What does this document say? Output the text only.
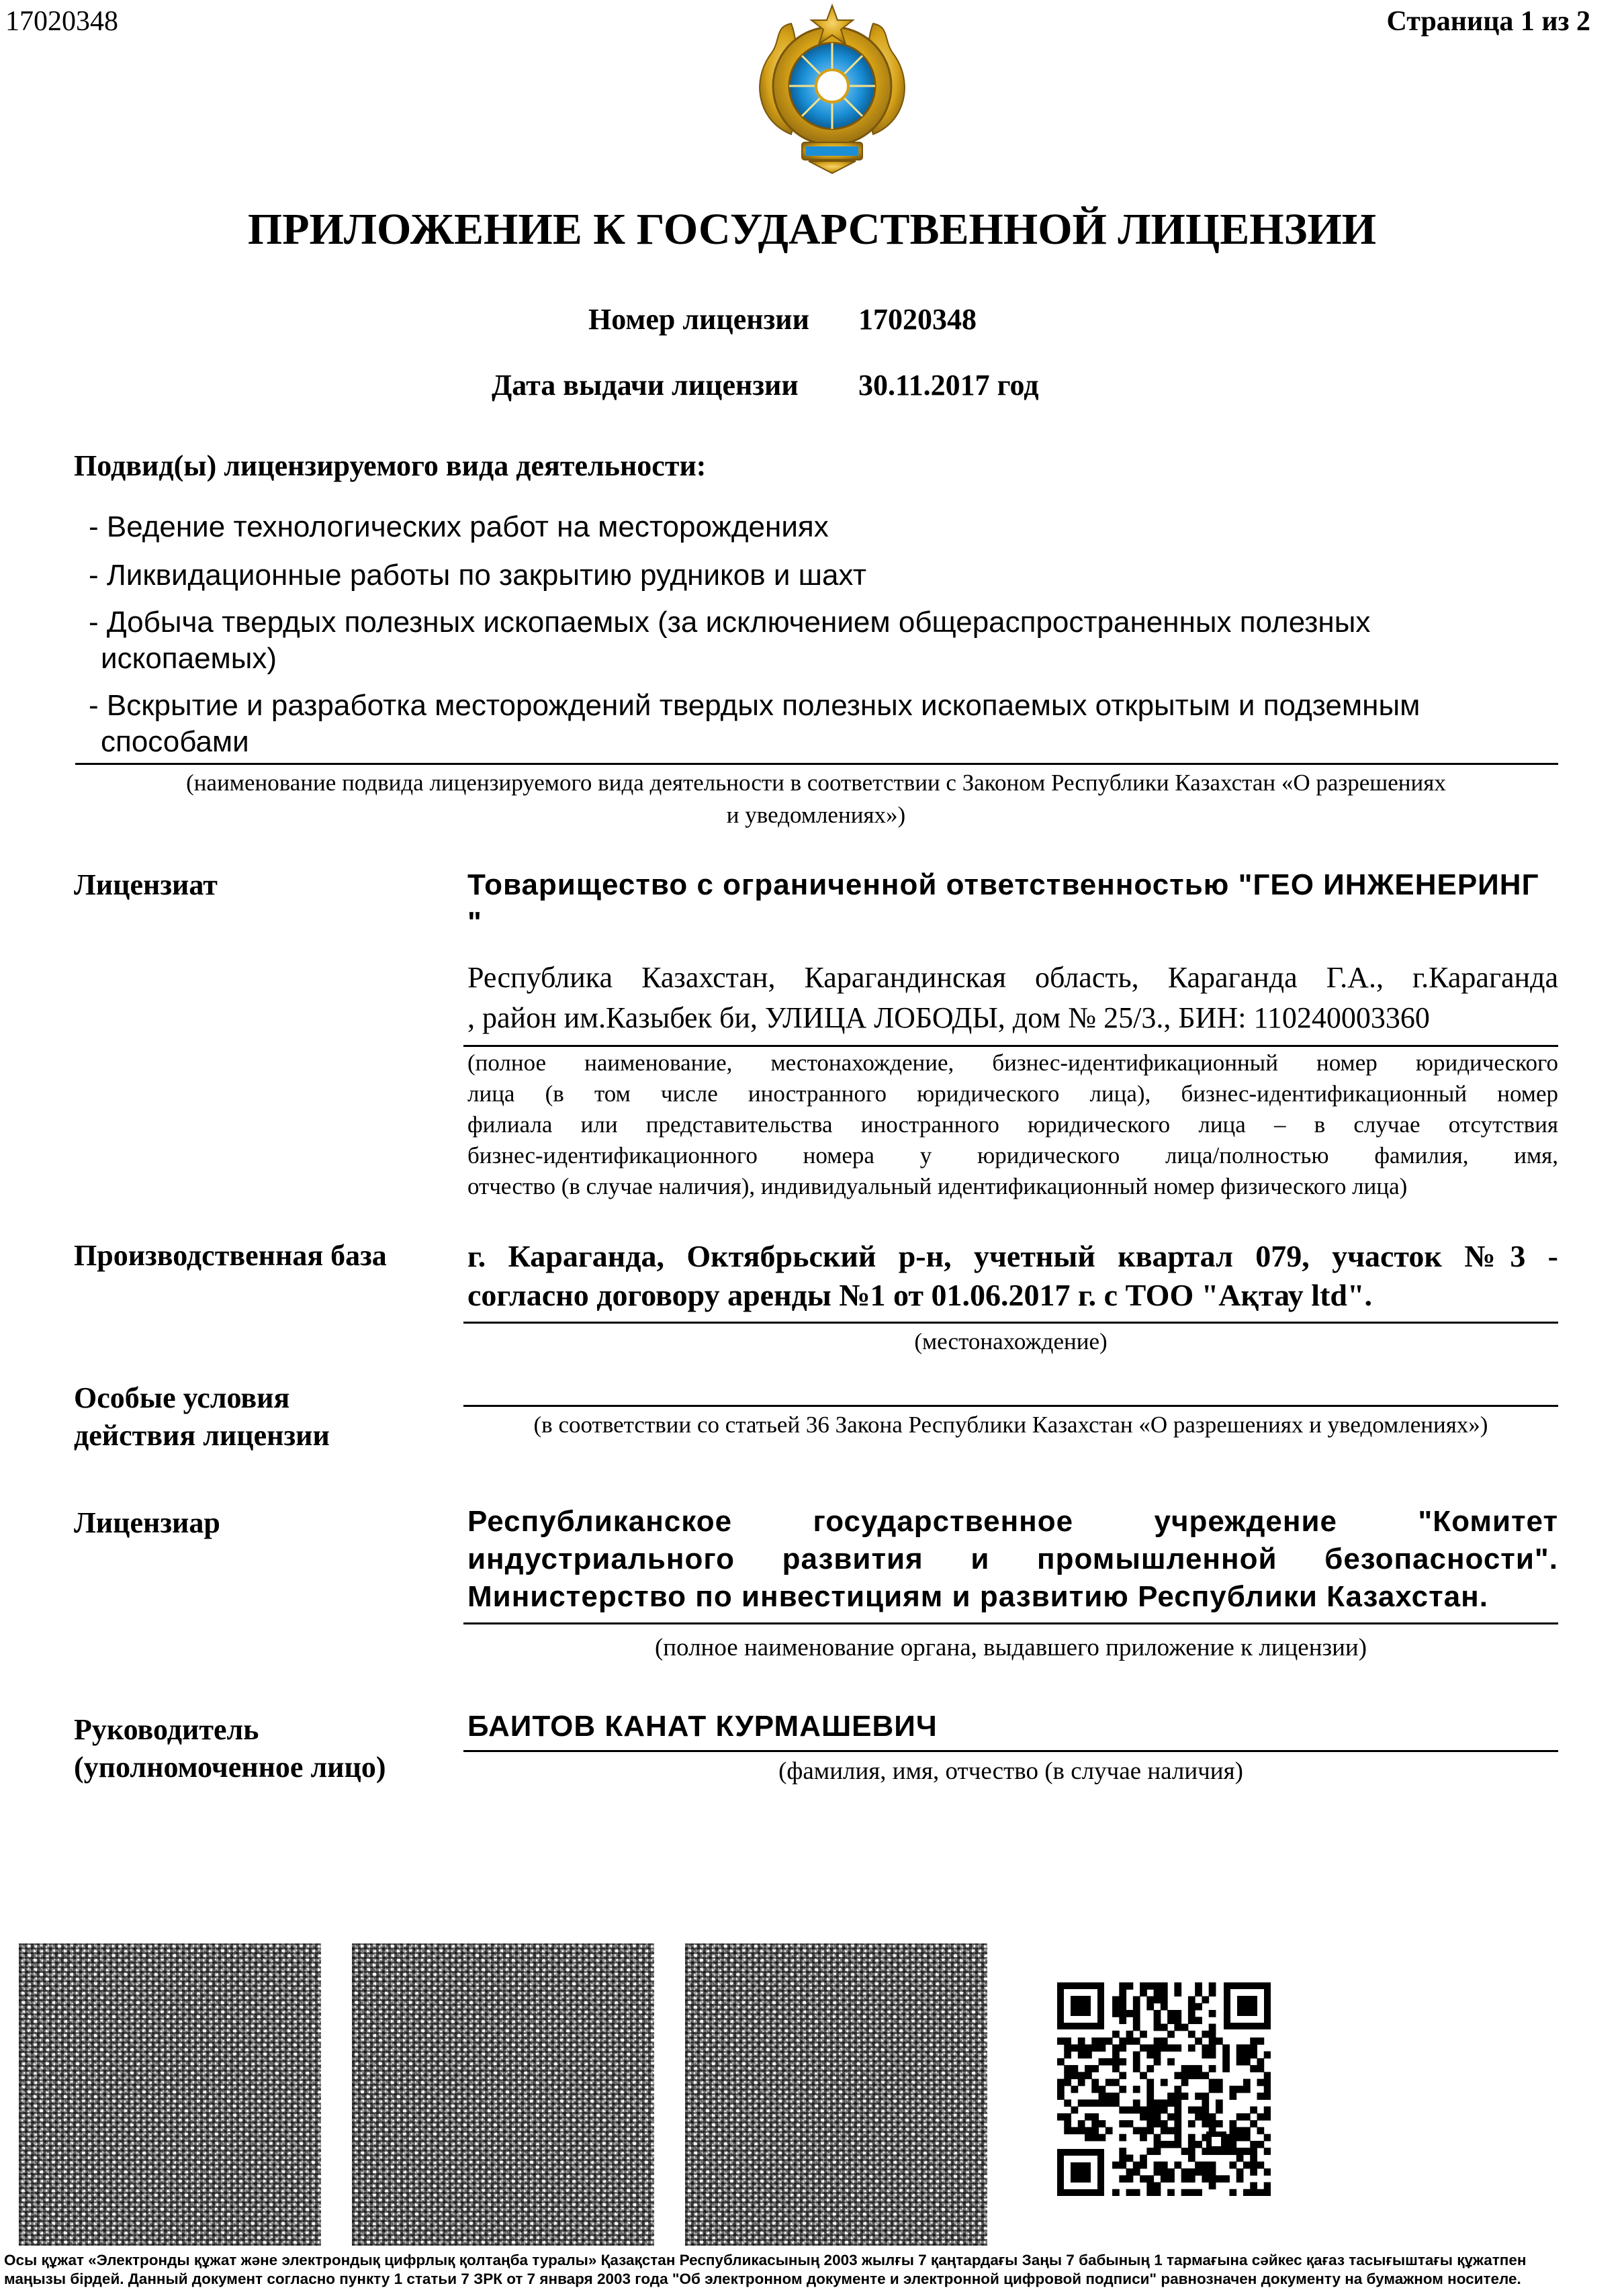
17020348	Страница 1 из 2
ПРИЛОЖЕНИЕ К ГОСУДАРСТВЕННОЙ ЛИЦЕНЗИИ
Номер лицензии 17020348
Дата выдачи лицензии 30.11.2017 год
Подвид(ы) лицензируемого вида деятельности:
- Ведение технологических работ на месторождениях
- Ликвидационные работы по закрытию рудников и шахт
- Добыча твердых полезных ископаемых (за исключением общераспространенных полезных
ископаемых)
- Вскрытие и разработка месторождений твердых полезных ископаемых открытым и подземным
способами
(наименование подвида лицензируемого вида деятельности в соответствии с Законом Республики Казахстан «О разрешениях
и уведомлениях»)
Лицензиат	Товарищество с ограниченной ответственностью "ГЕО ИНЖЕНЕРИНГ
"
Республика Казахстан, Карагандинская область, Караганда Г.А., г.Караганда
, район им.Казыбек би, УЛИЦА ЛОБОДЫ, дом № 25/3., БИН: 110240003360
(полное наименование, местонахождение, бизнес-идентификационный номер юридического
лица (в том числе иностранного юридического лица), бизнес-идентификационный номер
филиала или представительства иностранного юридического лица – в случае отсутствия
бизнес-идентификационного номера у юридического лица/полностью фамилия, имя,
отчество (в случае наличия), индивидуальный идентификационный номер физического лица)
Производственная база	г. Караганда, Октябрьский р-н, учетный квартал 079, участок №3 -
согласно договору аренды №1 от 01.06.2017 г. с ТОО "Ақтау ltd".
(местонахождение)
Особые условия
действия лицензии	(в соответствии со статьей 36 Закона Республики Казахстан «О разрешениях и уведомлениях»)
Лицензиар	Республиканское государственное учреждение "Комитет
индустриального развития и промышленной безопасности".
Министерство по инвестициям и развитию Республики Казахстан.
(полное наименование органа, выдавшего приложение к лицензии)
Руководитель
(уполномоченное лицо)
БАИТОВ КАНАТ КУРМАШЕВИЧ
(фамилия, имя, отчество (в случае наличия)
Осы құжат «Электронды құжат және электрондық цифрлық қолтаңба туралы» Қазақстан Республикасының 2003 жылғы 7 қаңтардағы Заңы 7 бабының 1 тармағына сәйкес қағаз тасығыштағы құжатпен
маңызы бірдей. Данный документ согласно пункту 1 статьи 7 ЗРК от 7 января 2003 года "Об электронном документе и электронной цифровой подписи" равнозначен документу на бумажном носителе.
